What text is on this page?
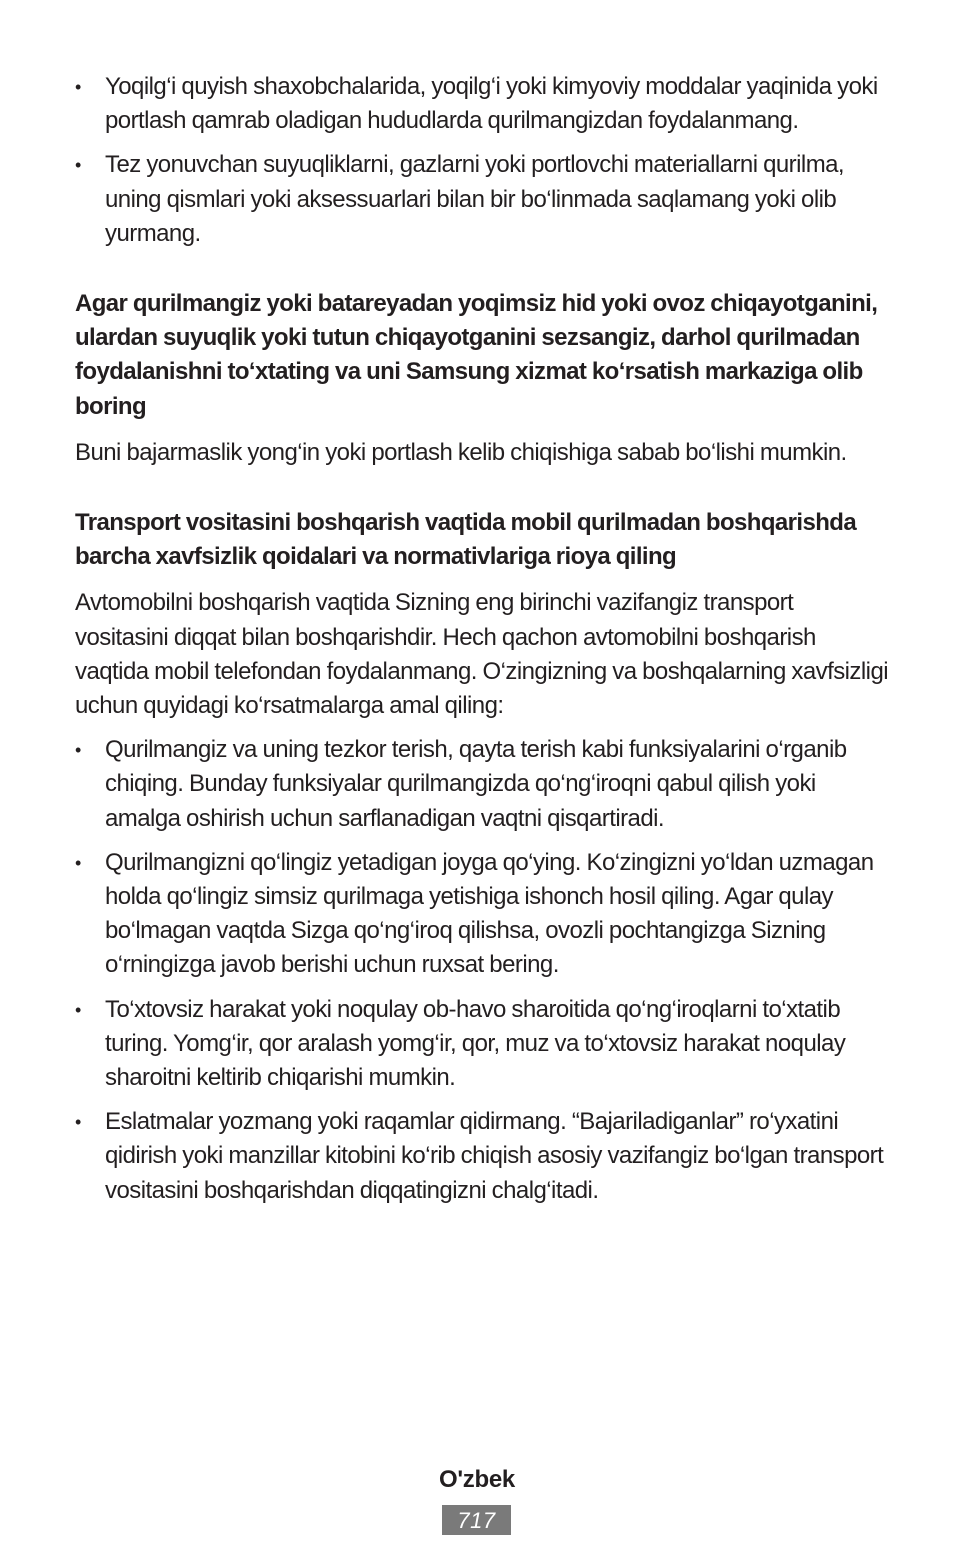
• Yoqilg‘i quyish shaxobchalarida, yoqilg‘i yoki kimyoviy moddalar yaqinida yoki portlash qamrab oladigan hududlarda qurilmangizdan foydalanmang.
• Tez yonuvchan suyuqliklarni, gazlarni yoki portlovchi materiallarni qurilma, uning qismlari yoki aksessuarlari bilan bir bo‘linmada saqlamang yoki olib yurmang.

Agar qurilmangiz yoki batareyadan yoqimsiz hid yoki ovoz chiqayotganini, ulardan suyuqlik yoki tutun chiqayotganini sezsangiz, darhol qurilmadan foydalanishni to‘xtating va uni Samsung xizmat ko‘rsatish markaziga olib boring

Buni bajarmaslik yong‘in yoki portlash kelib chiqishiga sabab bo‘lishi mumkin.

Transport vositasini boshqarish vaqtida mobil qurilmadan boshqarishda barcha xavfsizlik qoidalari va normativlariga rioya qiling

Avtomobilni boshqarish vaqtida Sizning eng birinchi vazifangiz transport vositasini diqqat bilan boshqarishdir. Hech qachon avtomobilni boshqarish vaqtida mobil telefondan foydalanmang. O‘zingizning va boshqalarning xavfsizligi uchun quyidagi ko‘rsatmalarga amal qiling:

• Qurilmangiz va uning tezkor terish, qayta terish kabi funksiyalarini o‘rganib chiqing. Bunday funksiyalar qurilmangizda qo‘ng‘iroqni qabul qilish yoki amalga oshirish uchun sarflanadigan vaqtni qisqartiradi.
• Qurilmangizni qo‘lingiz yetadigan joyga qo‘ying. Ko‘zingizni yo‘ldan uzmagan holda qo‘lingiz simsiz qurilmaga yetishiga ishonch hosil qiling. Agar qulay bo‘lmagan vaqtda Sizga qo‘ng‘iroq qilishsa, ovozli pochtangizga Sizning o‘rningizga javob berishi uchun ruxsat bering.
• To‘xtovsiz harakat yoki noqulay ob-havo sharoitida qo‘ng‘iroqlarni to‘xtatib turing. Yomg‘ir, qor aralash yomg‘ir, qor, muz va to‘xtovsiz harakat noqulay sharoitni keltirib chiqarishi mumkin.
• Eslatmalar yozmang yoki raqamlar qidirmang. “Bajariladiganlar” ro‘yxatini qidirish yoki manzillar kitobini ko‘rib chiqish asosiy vazifangiz bo‘lgan transport vositasini boshqarishdan diqqatingizni chalg‘itadi.
O'zbek
717
